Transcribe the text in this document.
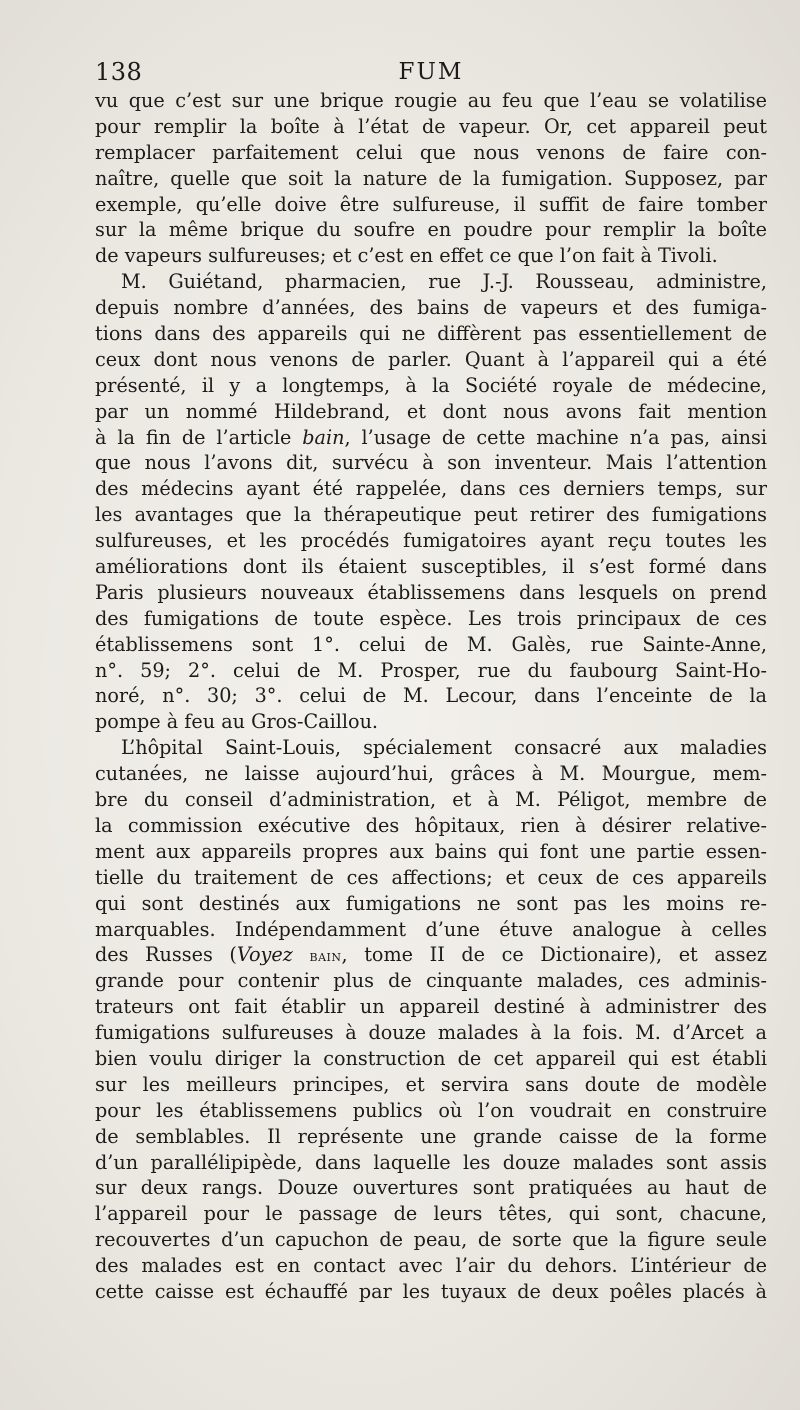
138	FUM
vu que c’est sur une brique rougie au feu que l’eau se volatilise
pour remplir la boîte à l’état de vapeur. Or, cet appareil peut
remplacer parfaitement celui que nous venons de faire con-
naître, quelle que soit la nature de la fumigation. Supposez, par
exemple, qu’elle doive être sulfureuse, il suffit de faire tomber
sur la même brique du soufre en poudre pour remplir la boîte
de vapeurs sulfureuses; et c’est en effet ce que l’on fait à Tivoli.
M. Guiétand, pharmacien, rue J.-J. Rousseau, administre,
depuis nombre d’années, des bains de vapeurs et des fumiga-
tions dans des appareils qui ne diffèrent pas essentiellement de
ceux dont nous venons de parler. Quant à l’appareil qui a été
présenté, il y a longtemps, à la Société royale de médecine,
par un nommé Hildebrand, et dont nous avons fait mention
à la fin de l’article bain, l’usage de cette machine n’a pas, ainsi
que nous l’avons dit, survécu à son inventeur. Mais l’attention
des médecins ayant été rappelée, dans ces derniers temps, sur
les avantages que la thérapeutique peut retirer des fumigations
sulfureuses, et les procédés fumigatoires ayant reçu toutes les
améliorations dont ils étaient susceptibles, il s’est formé dans
Paris plusieurs nouveaux établissemens dans lesquels on prend
des fumigations de toute espèce. Les trois principaux de ces
établissemens sont 1°. celui de M. Galès, rue Sainte-Anne,
n°. 59; 2°. celui de M. Prosper, rue du faubourg Saint-Ho-
noré, n°. 30; 3°. celui de M. Lecour, dans l’enceinte de la
pompe à feu au Gros-Caillou.
L’hôpital Saint-Louis, spécialement consacré aux maladies
cutanées, ne laisse aujourd’hui, grâces à M. Mourgue, mem-
bre du conseil d’administration, et à M. Péligot, membre de
la commission exécutive des hôpitaux, rien à désirer relative-
ment aux appareils propres aux bains qui font une partie essen-
tielle du traitement de ces affections; et ceux de ces appareils
qui sont destinés aux fumigations ne sont pas les moins re-
marquables. Indépendamment d’une étuve analogue à celles
des Russes (Voyez bain, tome II de ce Dictionaire), et assez
grande pour contenir plus de cinquante malades, ces adminis-
trateurs ont fait établir un appareil destiné à administrer des
fumigations sulfureuses à douze malades à la fois. M. d’Arcet a
bien voulu diriger la construction de cet appareil qui est établi
sur les meilleurs principes, et servira sans doute de modèle
pour les établissemens publics où l’on voudrait en construire
de semblables. Il représente une grande caisse de la forme
d’un parallélipipède, dans laquelle les douze malades sont assis
sur deux rangs. Douze ouvertures sont pratiquées au haut de
l’appareil pour le passage de leurs têtes, qui sont, chacune,
recouvertes d’un capuchon de peau, de sorte que la figure seule
des malades est en contact avec l’air du dehors. L’intérieur de
cette caisse est échauffé par les tuyaux de deux poêles placés à
